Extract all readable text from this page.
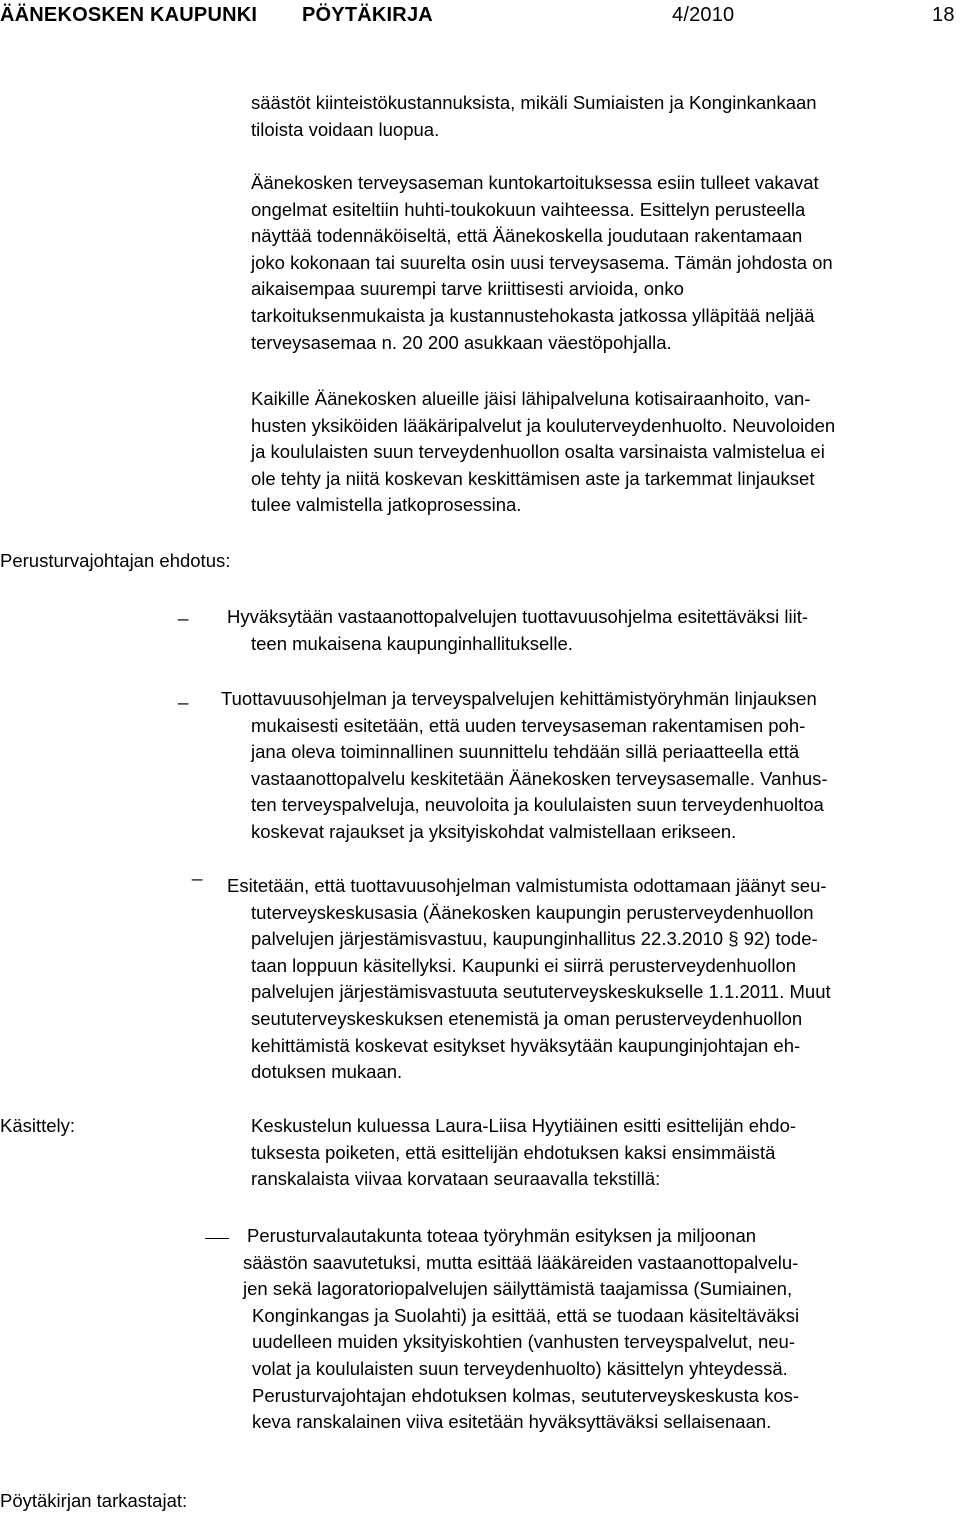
ÄÄNEKOSKEN KAUPUNKI PÖYTÄKIRJA	4/2010	18
säästöt kiinteistökustannuksista, mikäli Sumiaisten ja Konginkankaan
tiloista voidaan luopua.
Äänekosken terveysaseman kuntokartoituksessa esiin tulleet vakavat
ongelmat esiteltiin huhti-toukokuun vaihteessa. Esittelyn perusteella
näyttää todennäköiseltä, että Äänekoskella joudutaan rakentamaan
joko kokonaan tai suurelta osin uusi terveysasema. Tämän johdosta on
aikaisempaa suurempi tarve kriittisesti arvioida, onko
tarkoituksenmukaista ja kustannustehokasta jatkossa ylläpitää neljää
terveysasemaa n. 20 200 asukkaan väestöpohjalla.
Kaikille Äänekosken alueille jäisi lähipalveluna kotisairaanhoito, van-
husten yksiköiden lääkäripalvelut ja kouluterveydenhuolto. Neuvoloiden
ja koululaisten suun terveydenhuollon osalta varsinaista valmistelua ei
ole tehty ja niitä koskevan keskittämisen aste ja tarkemmat linjaukset
tulee valmistella jatkoprosessina.
Perusturvajohtajan ehdotus:
_ Hyväksytään vastaanottopalvelujen tuottavuusohjelma esitettäväksi liit-
teen mukaisena kaupunginhallitukselle.
_ Tuottavuusohjelman ja terveyspalvelujen kehittämistyöryhmän linjauksen
mukaisesti esitetään, että uuden terveysaseman rakentamisen poh-
jana oleva toiminnallinen suunnittelu tehdään sillä periaatteella että
vastaanottopalvelu keskitetään Äänekosken terveysasemalle. Vanhus-
ten terveyspalveluja, neuvoloita ja koululaisten suun terveydenhuoltoa
koskevat rajaukset ja yksityiskohdat valmistellaan erikseen.
_
Esitetään, että tuottavuusohjelman valmistumista odottamaan jäänyt seu-
tuterveyskeskusasia (Äänekosken kaupungin perusterveydenhuollon
palvelujen järjestämisvastuu, kaupunginhallitus 22.3.2010 § 92) tode-
taan loppuun käsitellyksi. Kaupunki ei siirrä perusterveydenhuollon
palvelujen järjestämisvastuuta seututerveyskeskukselle 1.1.2011. Muut
seututerveyskeskuksen etenemistä ja oman perusterveydenhuollon
kehittämistä koskevat esitykset hyväksytään kaupunginjohtajan eh-
dotuksen mukaan.
Käsittely:	Keskustelun kuluessa Laura-Liisa Hyytiäinen esitti esittelijän ehdo-
tuksesta poiketen, että esittelijän ehdotuksen kaksi ensimmäistä
ranskalaista viivaa korvataan seuraavalla tekstillä:
Perusturvalautakunta toteaa työryhmän esityksen ja miljoonan
säästön saavutetuksi, mutta esittää lääkäreiden vastaanottopalvelu-
jen sekä lagoratoriopalvelujen säilyttämistä taajamissa (Sumiainen,
Konginkangas ja Suolahti) ja esittää, että se tuodaan käsiteltäväksi
uudelleen muiden yksityiskohtien (vanhusten terveyspalvelut, neu-
volat ja koululaisten suun terveydenhuolto) käsittelyn yhteydessä.
Perusturvajohtajan ehdotuksen kolmas, seututerveyskeskusta kos-
keva ranskalainen viiva esitetään hyväksyttäväksi sellaisenaan.
Pöytäkirjan tarkastajat:
